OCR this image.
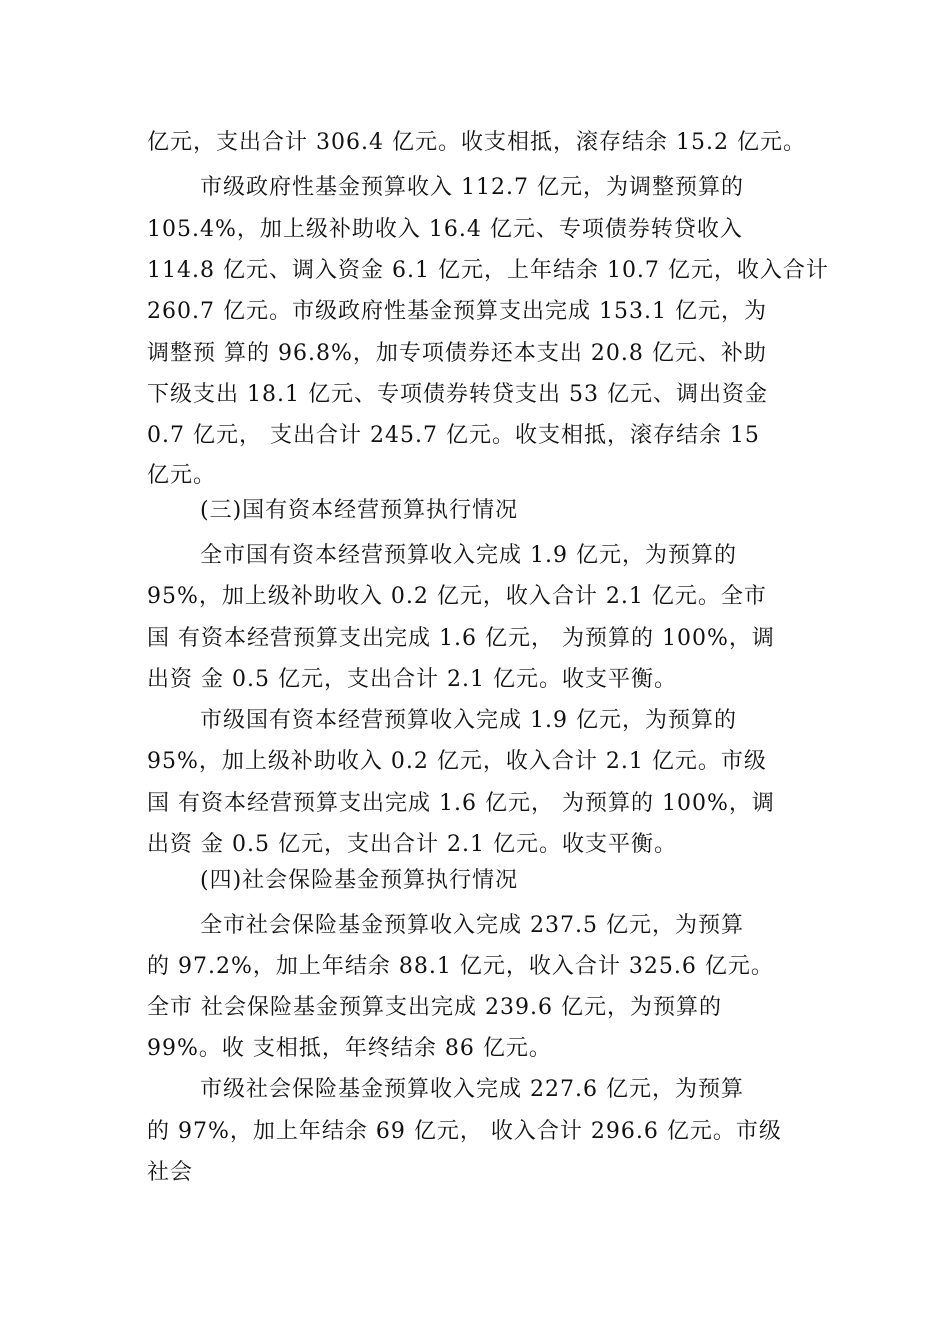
亿元，支出合计 306.4 亿元。收支相抵，滚存结余 15.2 亿元。
市级政府性基金预算收入 112.7 亿元，为调整预算的
105.4%，加上级补助收入 16.4 亿元、专项债券转贷收入
114.8 亿元、调入资金 6.1 亿元，上年结余 10.7 亿元，收入合计
260.7 亿元。市级政府性基金预算支出完成 153.1 亿元，为
调整预 算的 96.8%，加专项债券还本支出 20.8 亿元、补助
下级支出 18.1 亿元、专项债券转贷支出 53 亿元、调出资金
0.7 亿元， 支出合计 245.7 亿元。收支相抵，滚存结余 15
亿元。
(三)国有资本经营预算执行情况
全市国有资本经营预算收入完成 1.9 亿元，为预算的
95%，加上级补助收入 0.2 亿元，收入合计 2.1 亿元。全市
国 有资本经营预算支出完成 1.6 亿元， 为预算的 100%，调
出资 金 0.5 亿元，支出合计 2.1 亿元。收支平衡。
市级国有资本经营预算收入完成 1.9 亿元，为预算的
95%，加上级补助收入 0.2 亿元，收入合计 2.1 亿元。市级
国 有资本经营预算支出完成 1.6 亿元， 为预算的 100%，调
出资 金 0.5 亿元，支出合计 2.1 亿元。收支平衡。
(四)社会保险基金预算执行情况
全市社会保险基金预算收入完成 237.5 亿元，为预算
的 97.2%，加上年结余 88.1 亿元，收入合计 325.6 亿元。
全市 社会保险基金预算支出完成 239.6 亿元，为预算的
99%。收 支相抵，年终结余 86 亿元。
市级社会保险基金预算收入完成 227.6 亿元，为预算
的 97%，加上年结余 69 亿元， 收入合计 296.6 亿元。市级
社会
